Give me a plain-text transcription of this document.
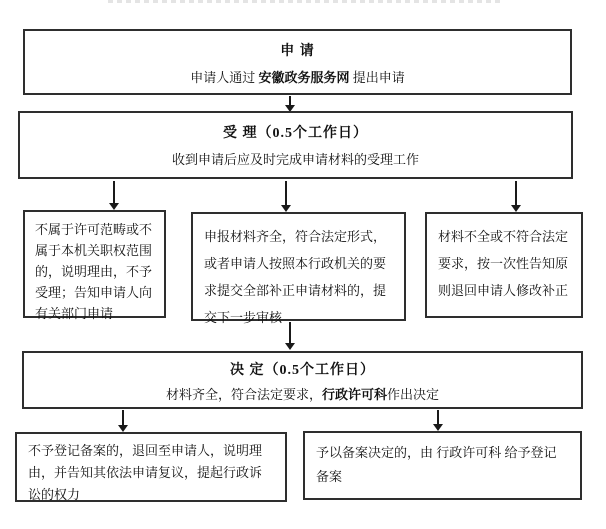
申 请
申请人通过 安徽政务服务网 提出申请
受 理（0.5个工作日）
收到申请后应及时完成申请材料的受理工作
不属于许可范畴或不属于本机关职权范围的，说明理由，不予受理；告知申请人向有关部门申请
申报材料齐全，符合法定形式，或者申请人按照本行政机关的要求提交全部补正申请材料的，提交下一步审核
材料不全或不符合法定要求，按一次性告知原则退回申请人修改补正
决 定（0.5个工作日）
材料齐全，符合法定要求，行政许可科作出决定
不予登记备案的，退回至申请人，说明理由，并告知其依法申请复议，提起行政诉讼的权力
予以备案决定的，由 行政许可科 给予登记备案
